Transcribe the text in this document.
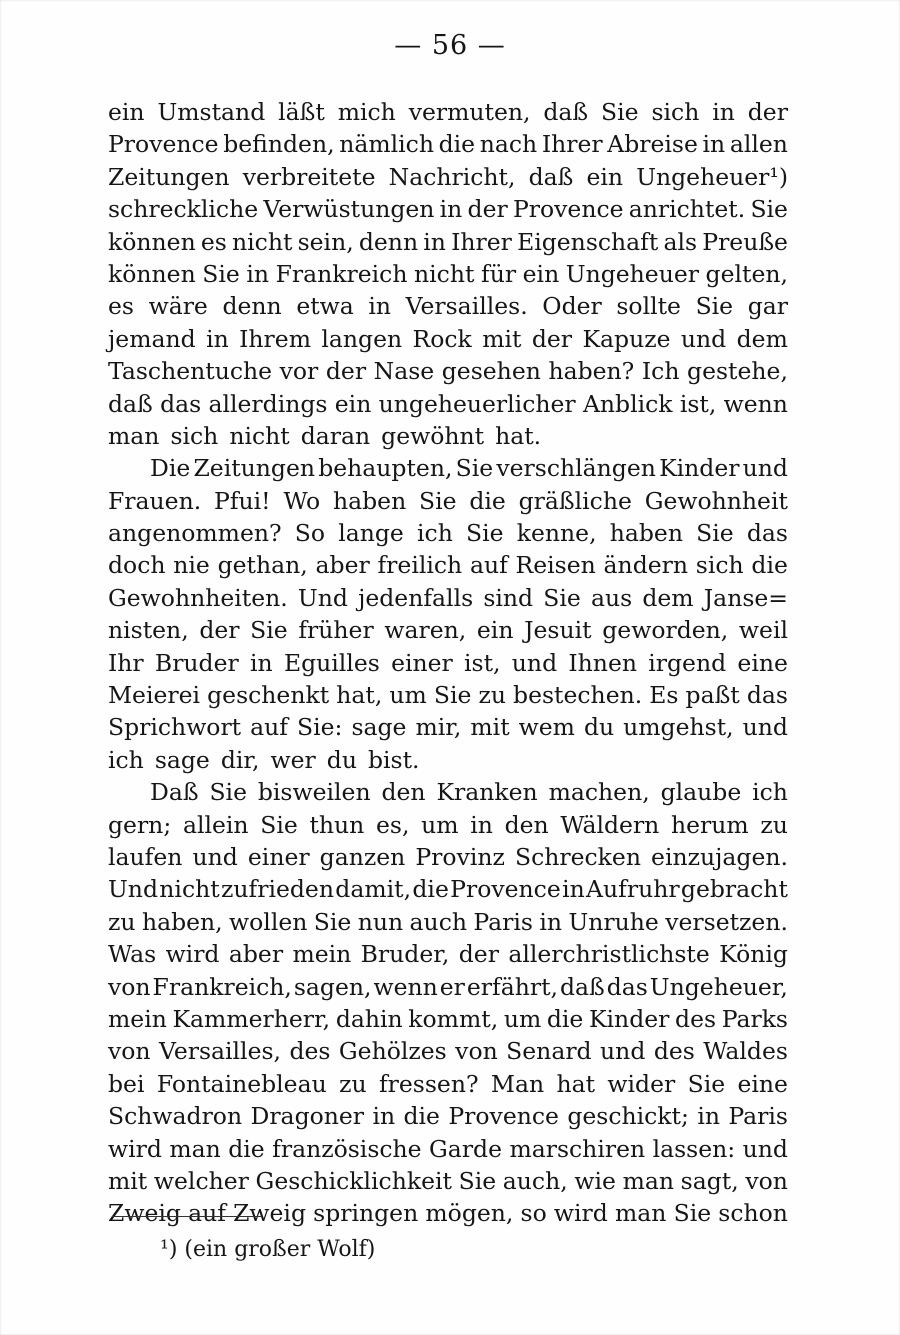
— 56 —
ein Umstand läßt mich vermuten, daß Sie sich in der
Provence befinden, nämlich die nach Ihrer Abreise in allen
Zeitungen verbreitete Nachricht, daß ein Ungeheuer¹)
schreckliche Verwüstungen in der Provence anrichtet. Sie
können es nicht sein, denn in Ihrer Eigenschaft als Preuße
können Sie in Frankreich nicht für ein Ungeheuer gelten,
es wäre denn etwa in Versailles. Oder sollte Sie gar
jemand in Ihrem langen Rock mit der Kapuze und dem
Taschentuche vor der Nase gesehen haben? Ich gestehe,
daß das allerdings ein ungeheuerlicher Anblick ist, wenn
man sich nicht daran gewöhnt hat.
Die Zeitungen behaupten, Sie verschlängen Kinder und
Frauen. Pfui! Wo haben Sie die gräßliche Gewohnheit
angenommen? So lange ich Sie kenne, haben Sie das
doch nie gethan, aber freilich auf Reisen ändern sich die
Gewohnheiten. Und jedenfalls sind Sie aus dem Janse=
nisten, der Sie früher waren, ein Jesuit geworden, weil
Ihr Bruder in Eguilles einer ist, und Ihnen irgend eine
Meierei geschenkt hat, um Sie zu bestechen. Es paßt das
Sprichwort auf Sie: sage mir, mit wem du umgehst, und
ich sage dir, wer du bist.
Daß Sie bisweilen den Kranken machen, glaube ich
gern; allein Sie thun es, um in den Wäldern herum zu
laufen und einer ganzen Provinz Schrecken einzujagen.
Und nicht zufrieden damit, die Provence in Aufruhr gebracht
zu haben, wollen Sie nun auch Paris in Unruhe versetzen.
Was wird aber mein Bruder, der allerchristlichste König
von Frankreich, sagen, wenn er erfährt, daß das Ungeheuer,
mein Kammerherr, dahin kommt, um die Kinder des Parks
von Versailles, des Gehölzes von Senard und des Waldes
bei Fontainebleau zu fressen? Man hat wider Sie eine
Schwadron Dragoner in die Provence geschickt; in Paris
wird man die französische Garde marschiren lassen: und
mit welcher Geschicklichkeit Sie auch, wie man sagt, von
Zweig auf Zweig springen mögen, so wird man Sie schon
¹) (ein großer Wolf)
